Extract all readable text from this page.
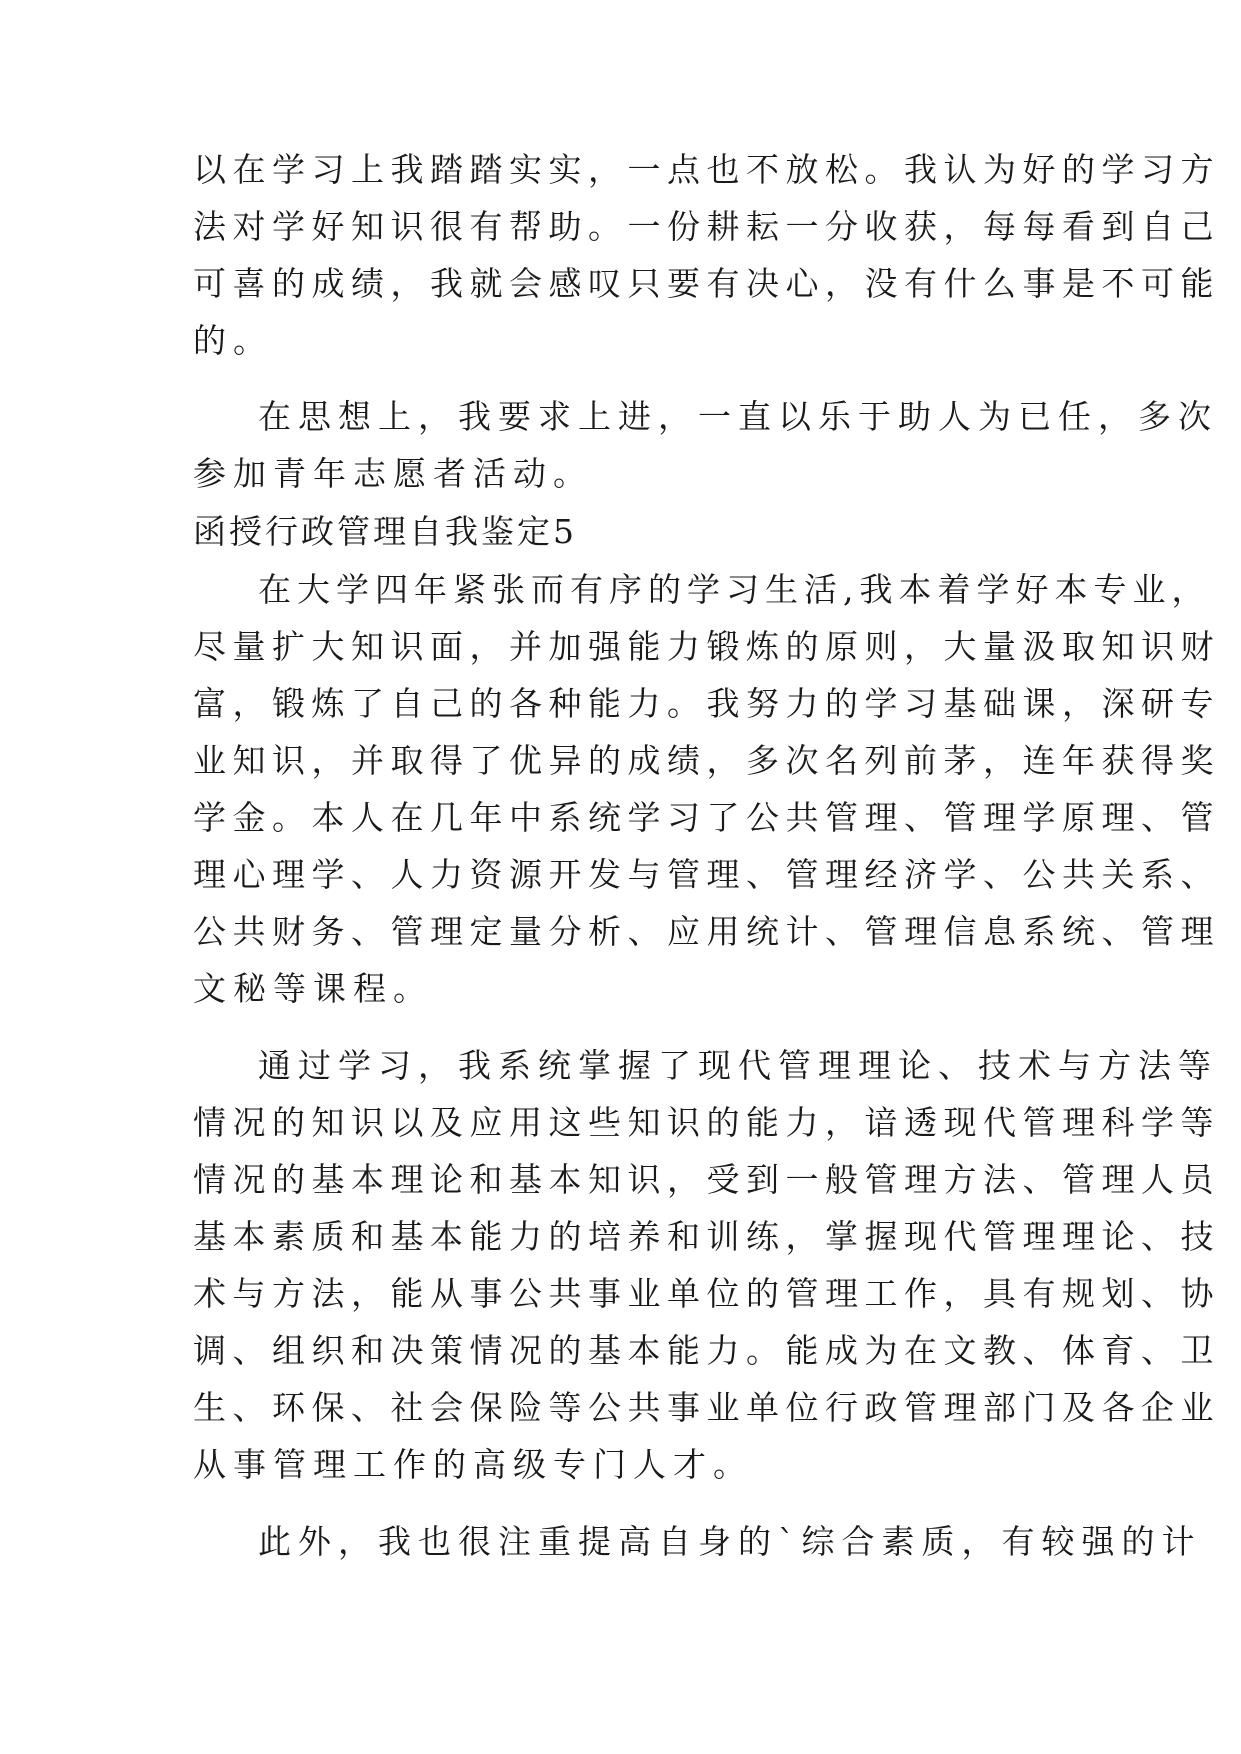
以在学习上我踏踏实实，一点也不放松。我认为好的学习方
法对学好知识很有帮助。一份耕耘一分收获，每每看到自己
可喜的成绩，我就会感叹只要有决心，没有什么事是不可能
的。
在思想上，我要求上进，一直以乐于助人为已任，多次
参加青年志愿者活动。
函授行政管理自我鉴定5
在大学四年紧张而有序的学习生活,我本着学好本专业，
尽量扩大知识面，并加强能力锻炼的原则，大量汲取知识财
富，锻炼了自己的各种能力。我努力的学习基础课，深研专
业知识，并取得了优异的成绩，多次名列前茅，连年获得奖
学金。本人在几年中系统学习了公共管理、管理学原理、管
理心理学、人力资源开发与管理、管理经济学、公共关系、
公共财务、管理定量分析、应用统计、管理信息系统、管理
文秘等课程。
通过学习，我系统掌握了现代管理理论、技术与方法等
情况的知识以及应用这些知识的能力，谙透现代管理科学等
情况的基本理论和基本知识，受到一般管理方法、管理人员
基本素质和基本能力的培养和训练，掌握现代管理理论、技
术与方法，能从事公共事业单位的管理工作，具有规划、协
调、组织和决策情况的基本能力。能成为在文教、体育、卫
生、环保、社会保险等公共事业单位行政管理部门及各企业
从事管理工作的高级专门人才。
此外，我也很注重提高自身的`综合素质，有较强的计
